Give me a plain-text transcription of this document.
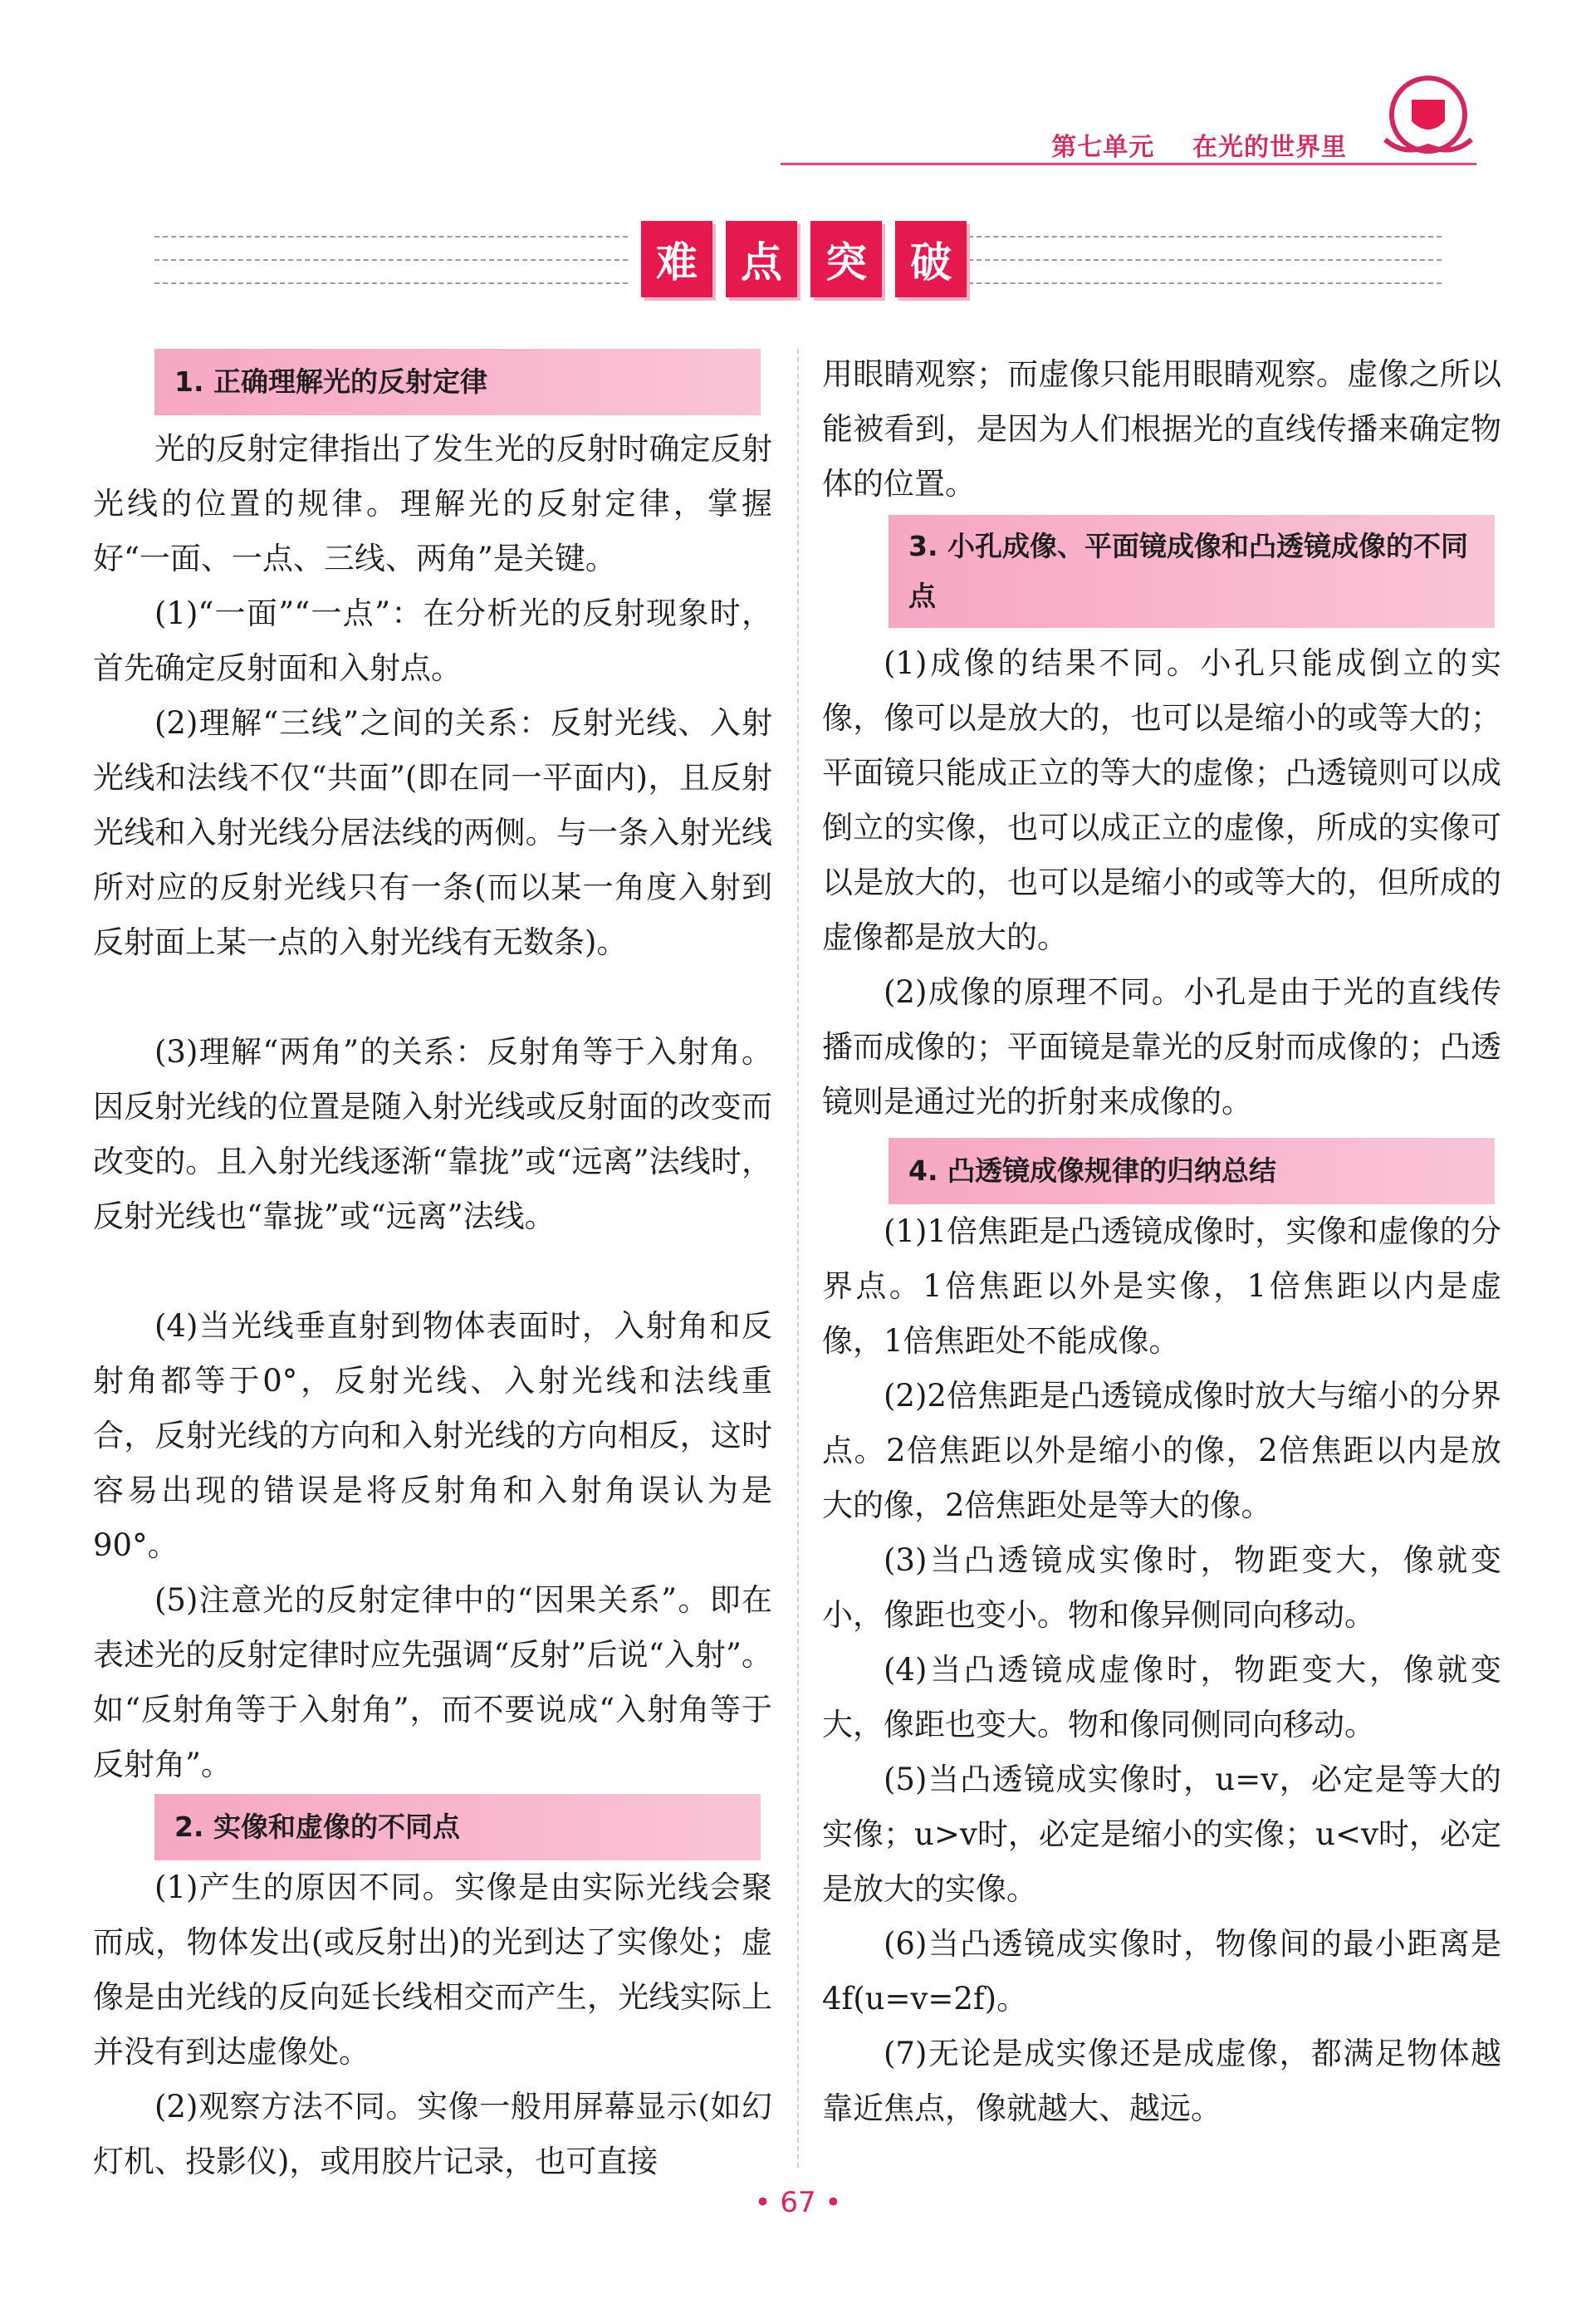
第七单元 在光的世界里
难	点	突	破
1. 正确理解光的反射定律

光的反射定律指出了发生光的反射时确定反射光线的位置的规律。理解光的反射定律，掌握好“一面、一点、三线、两角”是关键。

(1)“一面”“一点”：在分析光的反射现象时，首先确定反射面和入射点。

(2)理解“三线”之间的关系：反射光线、入射光线和法线不仅“共面”(即在同一平面内)，且反射光线和入射光线分居法线的两侧。与一条入射光线所对应的反射光线只有一条(而以某一角度入射到反射面上某一点的入射光线有无数条)。

(3)理解“两角”的关系：反射角等于入射角。因反射光线的位置是随入射光线或反射面的改变而改变的。且入射光线逐渐“靠拢”或“远离”法线时，反射光线也“靠拢”或“远离”法线。

(4)当光线垂直射到物体表面时，入射角和反射角都等于0°，反射光线、入射光线和法线重合，反射光线的方向和入射光线的方向相反，这时容易出现的错误是将反射角和入射角误认为是90°。

(5)注意光的反射定律中的“因果关系”。即在表述光的反射定律时应先强调“反射”后说“入射”。如“反射角等于入射角”，而不要说成“入射角等于反射角”。

2. 实像和虚像的不同点

(1)产生的原因不同。实像是由实际光线会聚而成，物体发出(或反射出)的光到达了实像处；虚像是由光线的反向延长线相交而产生，光线实际上并没有到达虚像处。

(2)观察方法不同。实像一般用屏幕显示(如幻灯机、投影仪)，或用胶片记录，也可直接

用眼睛观察；而虚像只能用眼睛观察。虚像之所以能被看到，是因为人们根据光的直线传播来确定物体的位置。

3. 小孔成像、平面镜成像和凸透镜成像的不同点

(1)成像的结果不同。小孔只能成倒立的实像，像可以是放大的，也可以是缩小的或等大的；平面镜只能成正立的等大的虚像；凸透镜则可以成倒立的实像，也可以成正立的虚像，所成的实像可以是放大的，也可以是缩小的或等大的，但所成的虚像都是放大的。

(2)成像的原理不同。小孔是由于光的直线传播而成像的；平面镜是靠光的反射而成像的；凸透镜则是通过光的折射来成像的。

4. 凸透镜成像规律的归纳总结

(1)1倍焦距是凸透镜成像时，实像和虚像的分界点。1倍焦距以外是实像，1倍焦距以内是虚像，1倍焦距处不能成像。

(2)2倍焦距是凸透镜成像时放大与缩小的分界点。2倍焦距以外是缩小的像，2倍焦距以内是放大的像，2倍焦距处是等大的像。

(3)当凸透镜成实像时，物距变大，像就变小，像距也变小。物和像异侧同向移动。

(4)当凸透镜成虚像时，物距变大，像就变大，像距也变大。物和像同侧同向移动。

(5)当凸透镜成实像时，u=v，必定是等大的实像；u>v时，必定是缩小的实像；u<v时，必定是放大的实像。

(6)当凸透镜成实像时，物像间的最小距离是4f(u=v=2f)。

(7)无论是成实像还是成虚像，都满足物体越靠近焦点，像就越大、越远。

• 67 •
